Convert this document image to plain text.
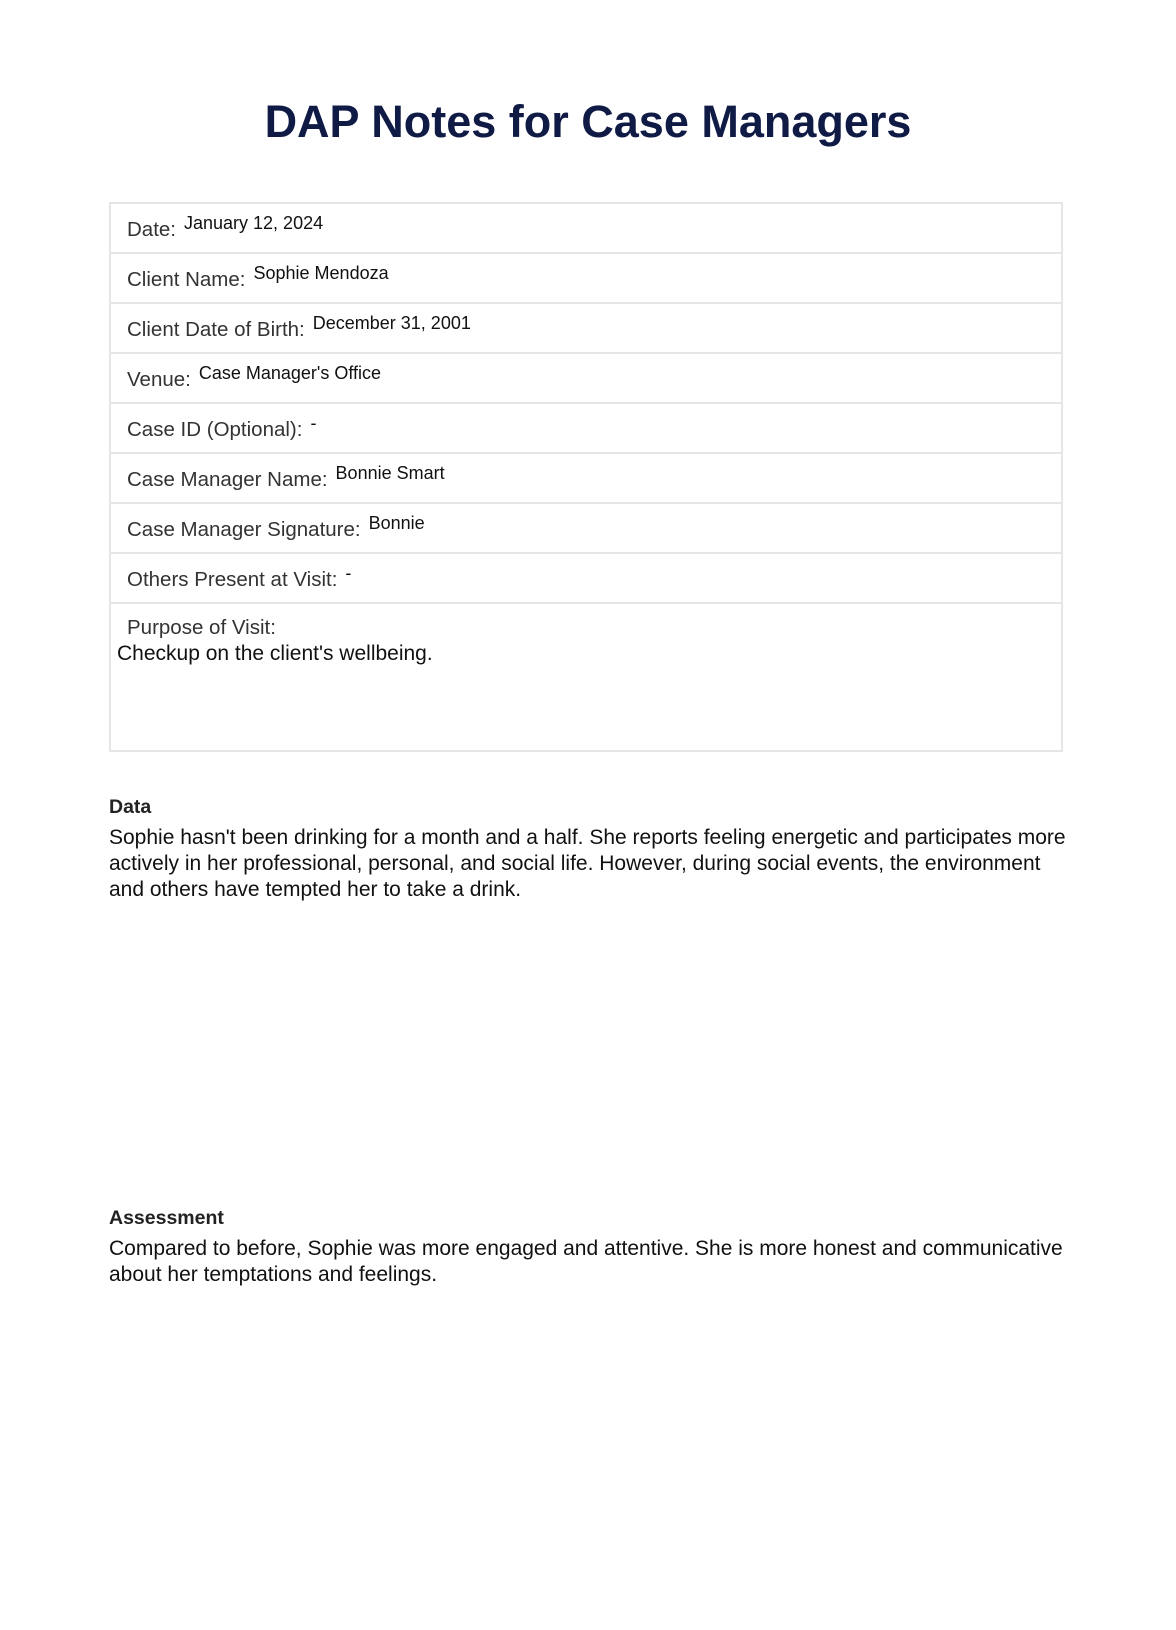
DAP Notes for Case Managers
Date: January 12, 2024
Client Name: Sophie Mendoza
Client Date of Birth: December 31, 2001
Venue: Case Manager's Office
Case ID (Optional): -
Case Manager Name: Bonnie Smart
Case Manager Signature: Bonnie
Others Present at Visit: -
Purpose of Visit:
Checkup on the client's wellbeing.
Data

Sophie hasn't been drinking for a month and a half. She reports feeling energetic and participates more actively in her professional, personal, and social life. However, during social events, the environment and others have tempted her to take a drink.

Assessment

Compared to before, Sophie was more engaged and attentive. She is more honest and communicative about her temptations and feelings.
